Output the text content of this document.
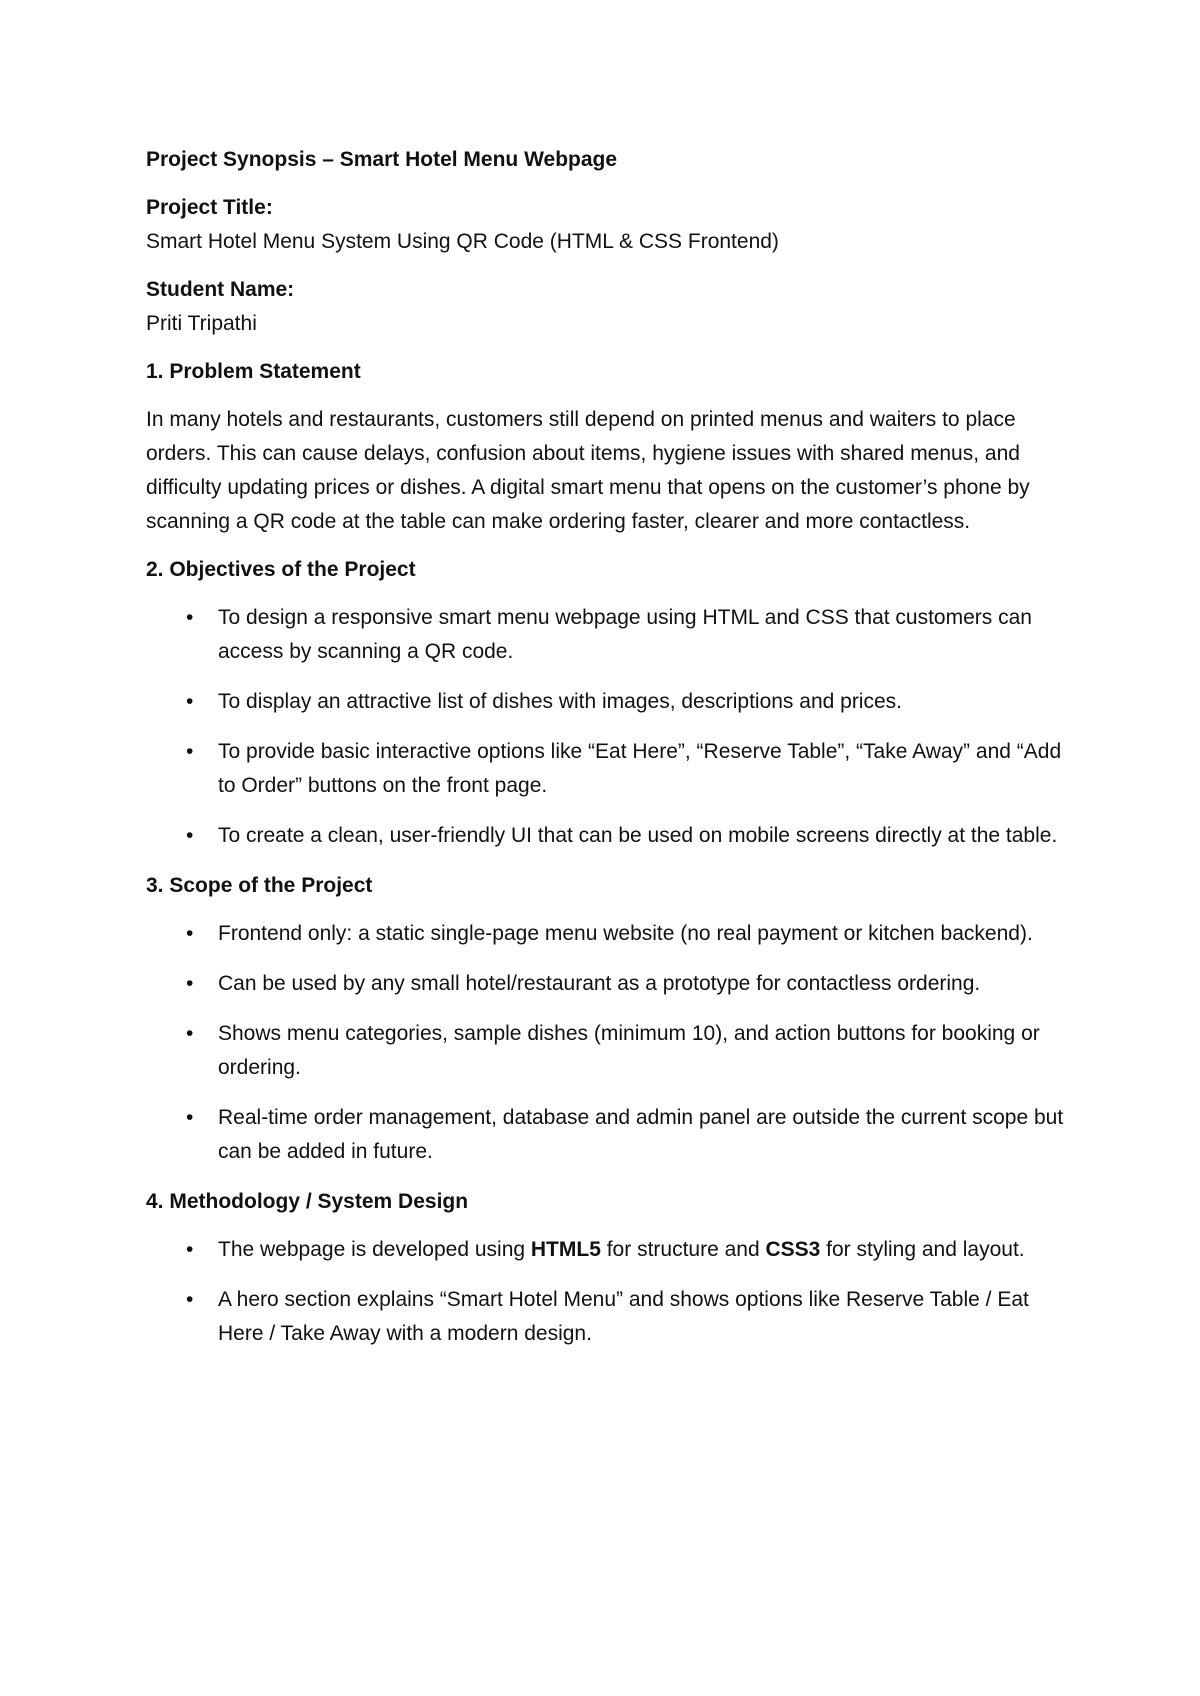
Project Synopsis – Smart Hotel Menu Webpage

Project Title:

Smart Hotel Menu System Using QR Code (HTML & CSS Frontend)

Student Name:

Priti Tripathi

1. Problem Statement

In many hotels and restaurants, customers still depend on printed menus and waiters to place orders. This can cause delays, confusion about items, hygiene issues with shared menus, and difficulty updating prices or dishes. A digital smart menu that opens on the customer’s phone by scanning a QR code at the table can make ordering faster, clearer and more contactless.

2. Objectives of the Project

• To design a responsive smart menu webpage using HTML and CSS that customers can access by scanning a QR code.
• To display an attractive list of dishes with images, descriptions and prices.
• To provide basic interactive options like “Eat Here”, “Reserve Table”, “Take Away” and “Add to Order” buttons on the front page.
• To create a clean, user-friendly UI that can be used on mobile screens directly at the table.

3. Scope of the Project

• Frontend only: a static single-page menu website (no real payment or kitchen backend).
• Can be used by any small hotel/restaurant as a prototype for contactless ordering.
• Shows menu categories, sample dishes (minimum 10), and action buttons for booking or ordering.
• Real-time order management, database and admin panel are outside the current scope but can be added in future.

4. Methodology / System Design

• The webpage is developed using HTML5 for structure and CSS3 for styling and layout.
• A hero section explains “Smart Hotel Menu” and shows options like Reserve Table / Eat Here / Take Away with a modern design.
